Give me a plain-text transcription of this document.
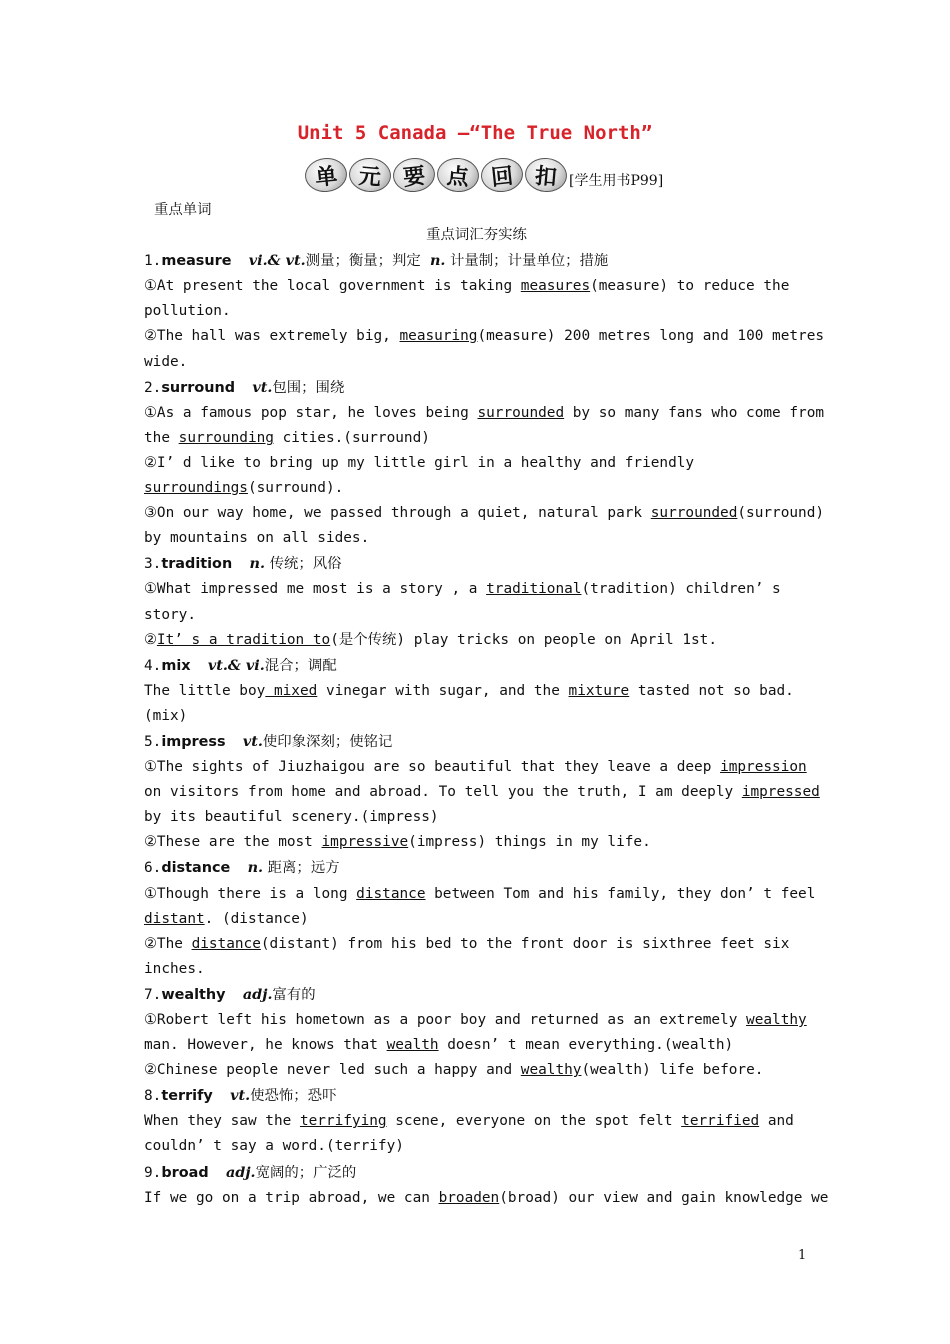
Unit 5 Canada —“The True North”
单 元 要 点 回 扣 [学生用书P99]

重点单词

重点词汇夯实练

1.measure vi.& vt.测量；衡量；判定  n. 计量制；计量单位；措施

①At present the local government is taking measures(measure) to reduce the

pollution.

②The hall was extremely big, measuring(measure) 200 metres long and 100 metres

wide.

2.surround vt.包围；围绕

①As a famous pop star, he loves being surrounded by so many fans who come from

the surrounding cities.(surround)

②I’ d like to bring up my little girl in a healthy and friendly

surroundings(surround).

③On our way home, we passed through a quiet, natural park surrounded(surround)

by mountains on all sides.

3.tradition n. 传统；风俗

①What impressed me most is a story , a traditional(tradition) children’ s

story.

②It’ s a tradition to(是个传统) play tricks on people on April 1st.

4.mix vt.& vi.混合；调配

The little boy mixed vinegar with sugar, and the mixture tasted not so bad.

(mix)

5.impress vt.使印象深刻；使铭记

①The sights of Jiuzhaigou are so beautiful that they leave a deep impression

on visitors from home and abroad. To tell you the truth, I am deeply impressed

by its beautiful scenery.(impress)

②These are the most impressive(impress) things in my life.

6.distance n. 距离；远方

①Though there is a long distance between Tom and his family, they don’ t feel

distant. (distance)

②The distance(distant) from his bed to the front door is sixthree feet six

inches.

7.wealthy adj.富有的

①Robert left his hometown as a poor boy and returned as an extremely wealthy

man. However, he knows that wealth doesn’ t mean everything.(wealth)

②Chinese people never led such a happy and wealthy(wealth) life before.

8.terrify vt.使恐怖；恐吓

When they saw the terrifying scene, everyone on the spot felt terrified and

couldn’ t say a word.(terrify)

9.broad adj.宽阔的；广泛的

If we go on a trip abroad, we can broaden(broad) our view and gain knowledge we

1
